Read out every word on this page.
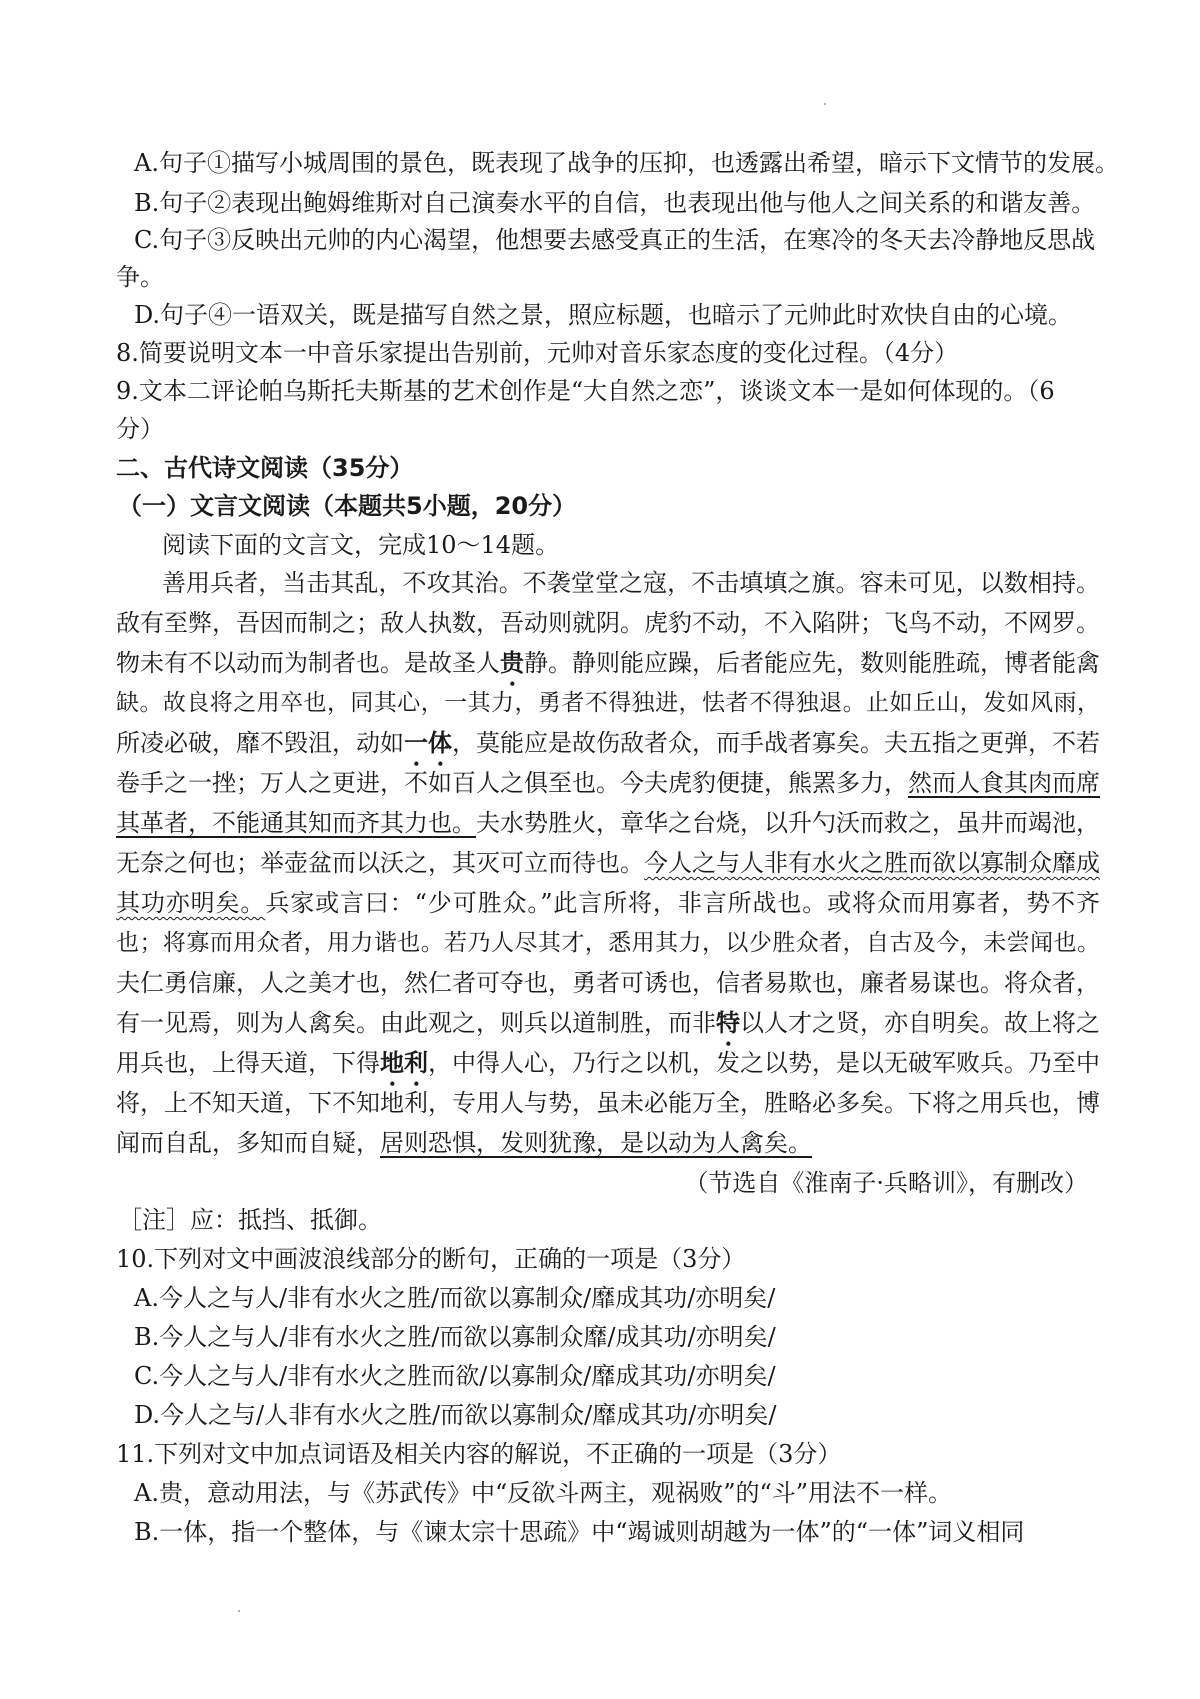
A.句子①描写小城周围的景色，既表现了战争的压抑，也透露出希望，暗示下文情节的发展。
B.句子②表现出鲍姆维斯对自己演奏水平的自信，也表现出他与他人之间关系的和谐友善。
C.句子③反映出元帅的内心渴望，他想要去感受真正的生活，在寒冷的冬天去冷静地反思战
争。
D.句子④一语双关，既是描写自然之景，照应标题，也暗示了元帅此时欢快自由的心境。
8.简要说明文本一中音乐家提出告别前，元帅对音乐家态度的变化过程。（4分）
9.文本二评论帕乌斯托夫斯基的艺术创作是“大自然之恋”，谈谈文本一是如何体现的。（6
分）
二、古代诗文阅读（35分）
（一）文言文阅读（本题共5小题，20分）
阅读下面的文言文，完成10～14题。
善用兵者，当击其乱，不攻其治。不袭堂堂之寇，不击填填之旗。容未可见，以数相持。
敌有至弊，吾因而制之；敌人执数，吾动则就阴。虎豹不动，不入陷阱；飞鸟不动，不网罗。
物未有不以动而为制者也。是故圣人贵静。静则能应躁，后者能应先，数则能胜疏，博者能禽
缺。故良将之用卒也，同其心，一其力，勇者不得独进，怯者不得独退。止如丘山，发如风雨，
所凌必破，靡不毁沮，动如一体，莫能应是故伤敌者众，而手战者寡矣。夫五指之更弹，不若
卷手之一挫；万人之更进，不如百人之俱至也。今夫虎豹便捷，熊罴多力，然而人食其肉而席
其革者，不能通其知而齐其力也。夫水势胜火，章华之台烧，以升勺沃而救之，虽井而竭池，
无奈之何也；举壶盆而以沃之，其灭可立而待也。今人之与人非有水火之胜而欲以寡制众靡成
其功亦明矣。兵家或言曰：“少可胜众。”此言所将，非言所战也。或将众而用寡者，势不齐
也；将寡而用众者，用力谐也。若乃人尽其才，悉用其力，以少胜众者，自古及今，未尝闻也。
夫仁勇信廉，人之美才也，然仁者可夺也，勇者可诱也，信者易欺也，廉者易谋也。将众者，
有一见焉，则为人禽矣。由此观之，则兵以道制胜，而非特以人才之贤，亦自明矣。故上将之
用兵也，上得天道，下得地利，中得人心，乃行之以机，发之以势，是以无破军败兵。乃至中
将，上不知天道，下不知地利，专用人与势，虽未必能万全，胜略必多矣。下将之用兵也，博
闻而自乱，多知而自疑，居则恐惧，发则犹豫，是以动为人禽矣。
（节选自《淮南子·兵略训》，有删改）
［注］应：抵挡、抵御。
10.下列对文中画波浪线部分的断句，正确的一项是（3分）
A.今人之与人/非有水火之胜/而欲以寡制众/靡成其功/亦明矣/
B.今人之与人/非有水火之胜/而欲以寡制众靡/成其功/亦明矣/
C.今人之与人/非有水火之胜而欲/以寡制众/靡成其功/亦明矣/
D.今人之与/人非有水火之胜/而欲以寡制众/靡成其功/亦明矣/
11.下列对文中加点词语及相关内容的解说，不正确的一项是（3分）
A.贵，意动用法，与《苏武传》中“反欲斗两主，观祸败”的“斗”用法不一样。
B.一体，指一个整体，与《谏太宗十思疏》中“竭诚则胡越为一体”的“一体”词义相同
